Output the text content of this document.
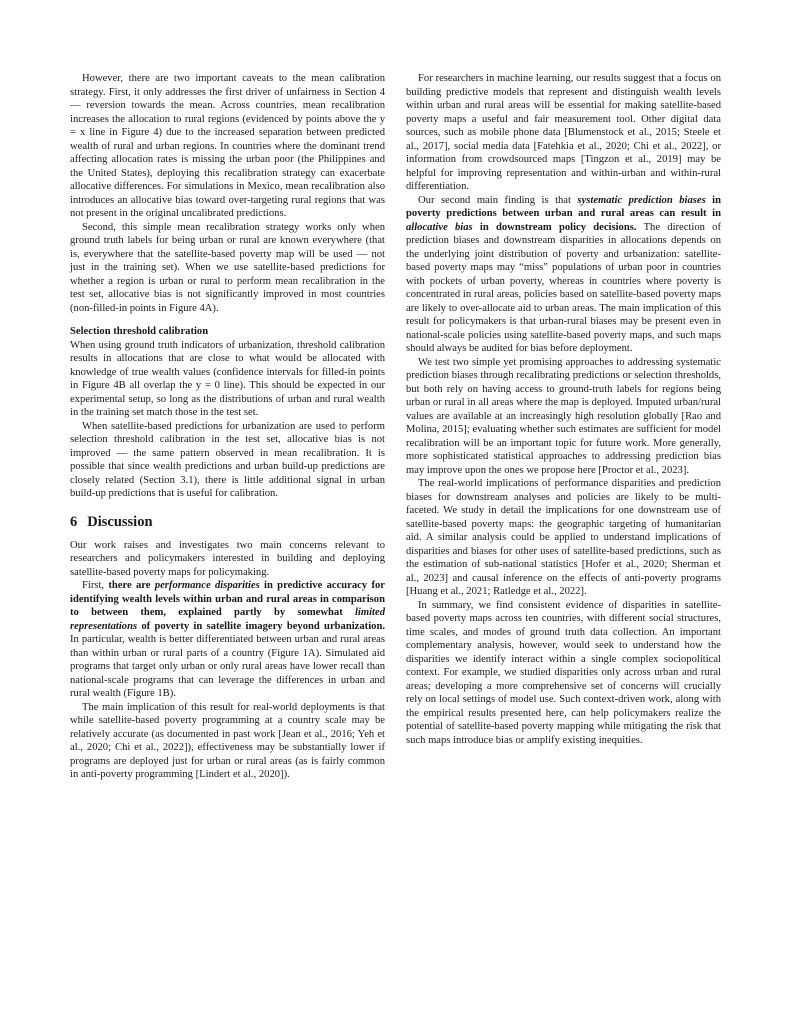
However, there are two important caveats to the mean calibration strategy. First, it only addresses the first driver of unfairness in Section 4 — reversion towards the mean. Across countries, mean recalibration increases the allocation to rural regions (evidenced by points above the y = x line in Figure 4) due to the increased separation between predicted wealth of rural and urban regions. In countries where the dominant trend affecting allocation rates is missing the urban poor (the Philippines and the United States), deploying this recalibration strategy can exacerbate allocative differences. For simulations in Mexico, mean recalibration also introduces an allocative bias toward over-targeting rural regions that was not present in the original uncalibrated predictions.

Second, this simple mean recalibration strategy works only when ground truth labels for being urban or rural are known everywhere (that is, everywhere that the satellite-based poverty map will be used — not just in the training set). When we use satellite-based predictions for whether a region is urban or rural to perform mean recalibration in the test set, allocative bias is not significantly improved in most countries (non-filled-in points in Figure 4A).

Selection threshold calibration

When using ground truth indicators of urbanization, threshold calibration results in allocations that are close to what would be allocated with knowledge of true wealth values (confidence intervals for filled-in points in Figure 4B all overlap the y = 0 line). This should be expected in our experimental setup, so long as the distributions of urban and rural wealth in the training set match those in the test set.

When satellite-based predictions for urbanization are used to perform selection threshold calibration in the test set, allocative bias is not improved — the same pattern observed in mean recalibration. It is possible that since wealth predictions and urban build-up predictions are closely related (Section 3.1), there is little additional signal in urban build-up predictions that is useful for calibration.

6 Discussion

Our work raises and investigates two main concerns relevant to researchers and policymakers interested in building and deploying satellite-based poverty maps for policymaking.

First, there are performance disparities in predictive accuracy for identifying wealth levels within urban and rural areas in comparison to between them, explained partly by somewhat limited representations of poverty in satellite imagery beyond urbanization. In particular, wealth is better differentiated between urban and rural areas than within urban or rural parts of a country (Figure 1A). Simulated aid programs that target only urban or only rural areas have lower recall than national-scale programs that can leverage the differences in urban and rural wealth (Figure 1B).

The main implication of this result for real-world deployments is that while satellite-based poverty programming at a country scale may be relatively accurate (as documented in past work [Jean et al., 2016; Yeh et al., 2020; Chi et al., 2022]), effectiveness may be substantially lower if programs are deployed just for urban or rural areas (as is fairly common in anti-poverty programming [Lindert et al., 2020]).

For researchers in machine learning, our results suggest that a focus on building predictive models that represent and distinguish wealth levels within urban and rural areas will be essential for making satellite-based poverty maps a useful and fair measurement tool. Other digital data sources, such as mobile phone data [Blumenstock et al., 2015; Steele et al., 2017], social media data [Fatehkia et al., 2020; Chi et al., 2022], or information from crowdsourced maps [Tingzon et al., 2019] may be helpful for improving representation and within-urban and within-rural differentiation.

Our second main finding is that systematic prediction biases in poverty predictions between urban and rural areas can result in allocative bias in downstream policy decisions. The direction of prediction biases and downstream disparities in allocations depends on the underlying joint distribution of poverty and urbanization: satellite-based poverty maps may “miss” populations of urban poor in countries with pockets of urban poverty, whereas in countries where poverty is concentrated in rural areas, policies based on satellite-based poverty maps are likely to over-allocate aid to urban areas. The main implication of this result for policymakers is that urban-rural biases may be present even in national-scale policies using satellite-based poverty maps, and such maps should always be audited for bias before deployment.

We test two simple yet promising approaches to addressing systematic prediction biases through recalibrating predictions or selection thresholds, but both rely on having access to ground-truth labels for regions being urban or rural in all areas where the map is deployed. Imputed urban/rural values are available at an increasingly high resolution globally [Rao and Molina, 2015]; evaluating whether such estimates are sufficient for model recalibration will be an important topic for future work. More generally, more sophisticated statistical approaches to addressing prediction bias may improve upon the ones we propose here [Proctor et al., 2023].

The real-world implications of performance disparities and prediction biases for downstream analyses and policies are likely to be multi-faceted. We study in detail the implications for one downstream use of satellite-based poverty maps: the geographic targeting of humanitarian aid. A similar analysis could be applied to understand implications of disparities and biases for other uses of satellite-based predictions, such as the estimation of sub-national statistics [Hofer et al., 2020; Sherman et al., 2023] and causal inference on the effects of anti-poverty programs [Huang et al., 2021; Ratledge et al., 2022].

In summary, we find consistent evidence of disparities in satellite-based poverty maps across ten countries, with different social structures, time scales, and modes of ground truth data collection. An important complementary analysis, however, would seek to understand how the disparities we identify interact within a single complex sociopolitical context. For example, we studied disparities only across urban and rural areas; developing a more comprehensive set of concerns will crucially rely on local settings of model use. Such context-driven work, along with the empirical results presented here, can help policymakers realize the potential of satellite-based poverty mapping while mitigating the risk that such maps introduce bias or amplify existing inequities.
